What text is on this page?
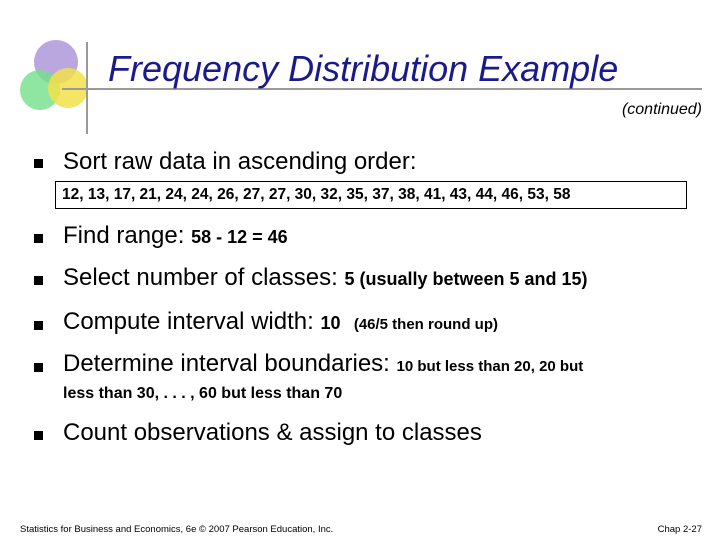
Frequency Distribution Example
(continued)
Sort raw data in ascending order:
12, 13, 17, 21, 24, 24, 26, 27, 27, 30, 32, 35, 37, 38, 41, 43, 44, 46, 53, 58
Find range: 58 - 12 = 46
Select number of classes: 5 (usually between 5 and 15)
Compute interval width: 10 (46/5 then round up)
Determine interval boundaries: 10 but less than 20, 20 but
less than 30, . . . , 60 but less than 70
Count observations & assign to classes
Statistics for Business and Economics, 6e © 2007 Pearson Education, Inc.	Chap 2-27
